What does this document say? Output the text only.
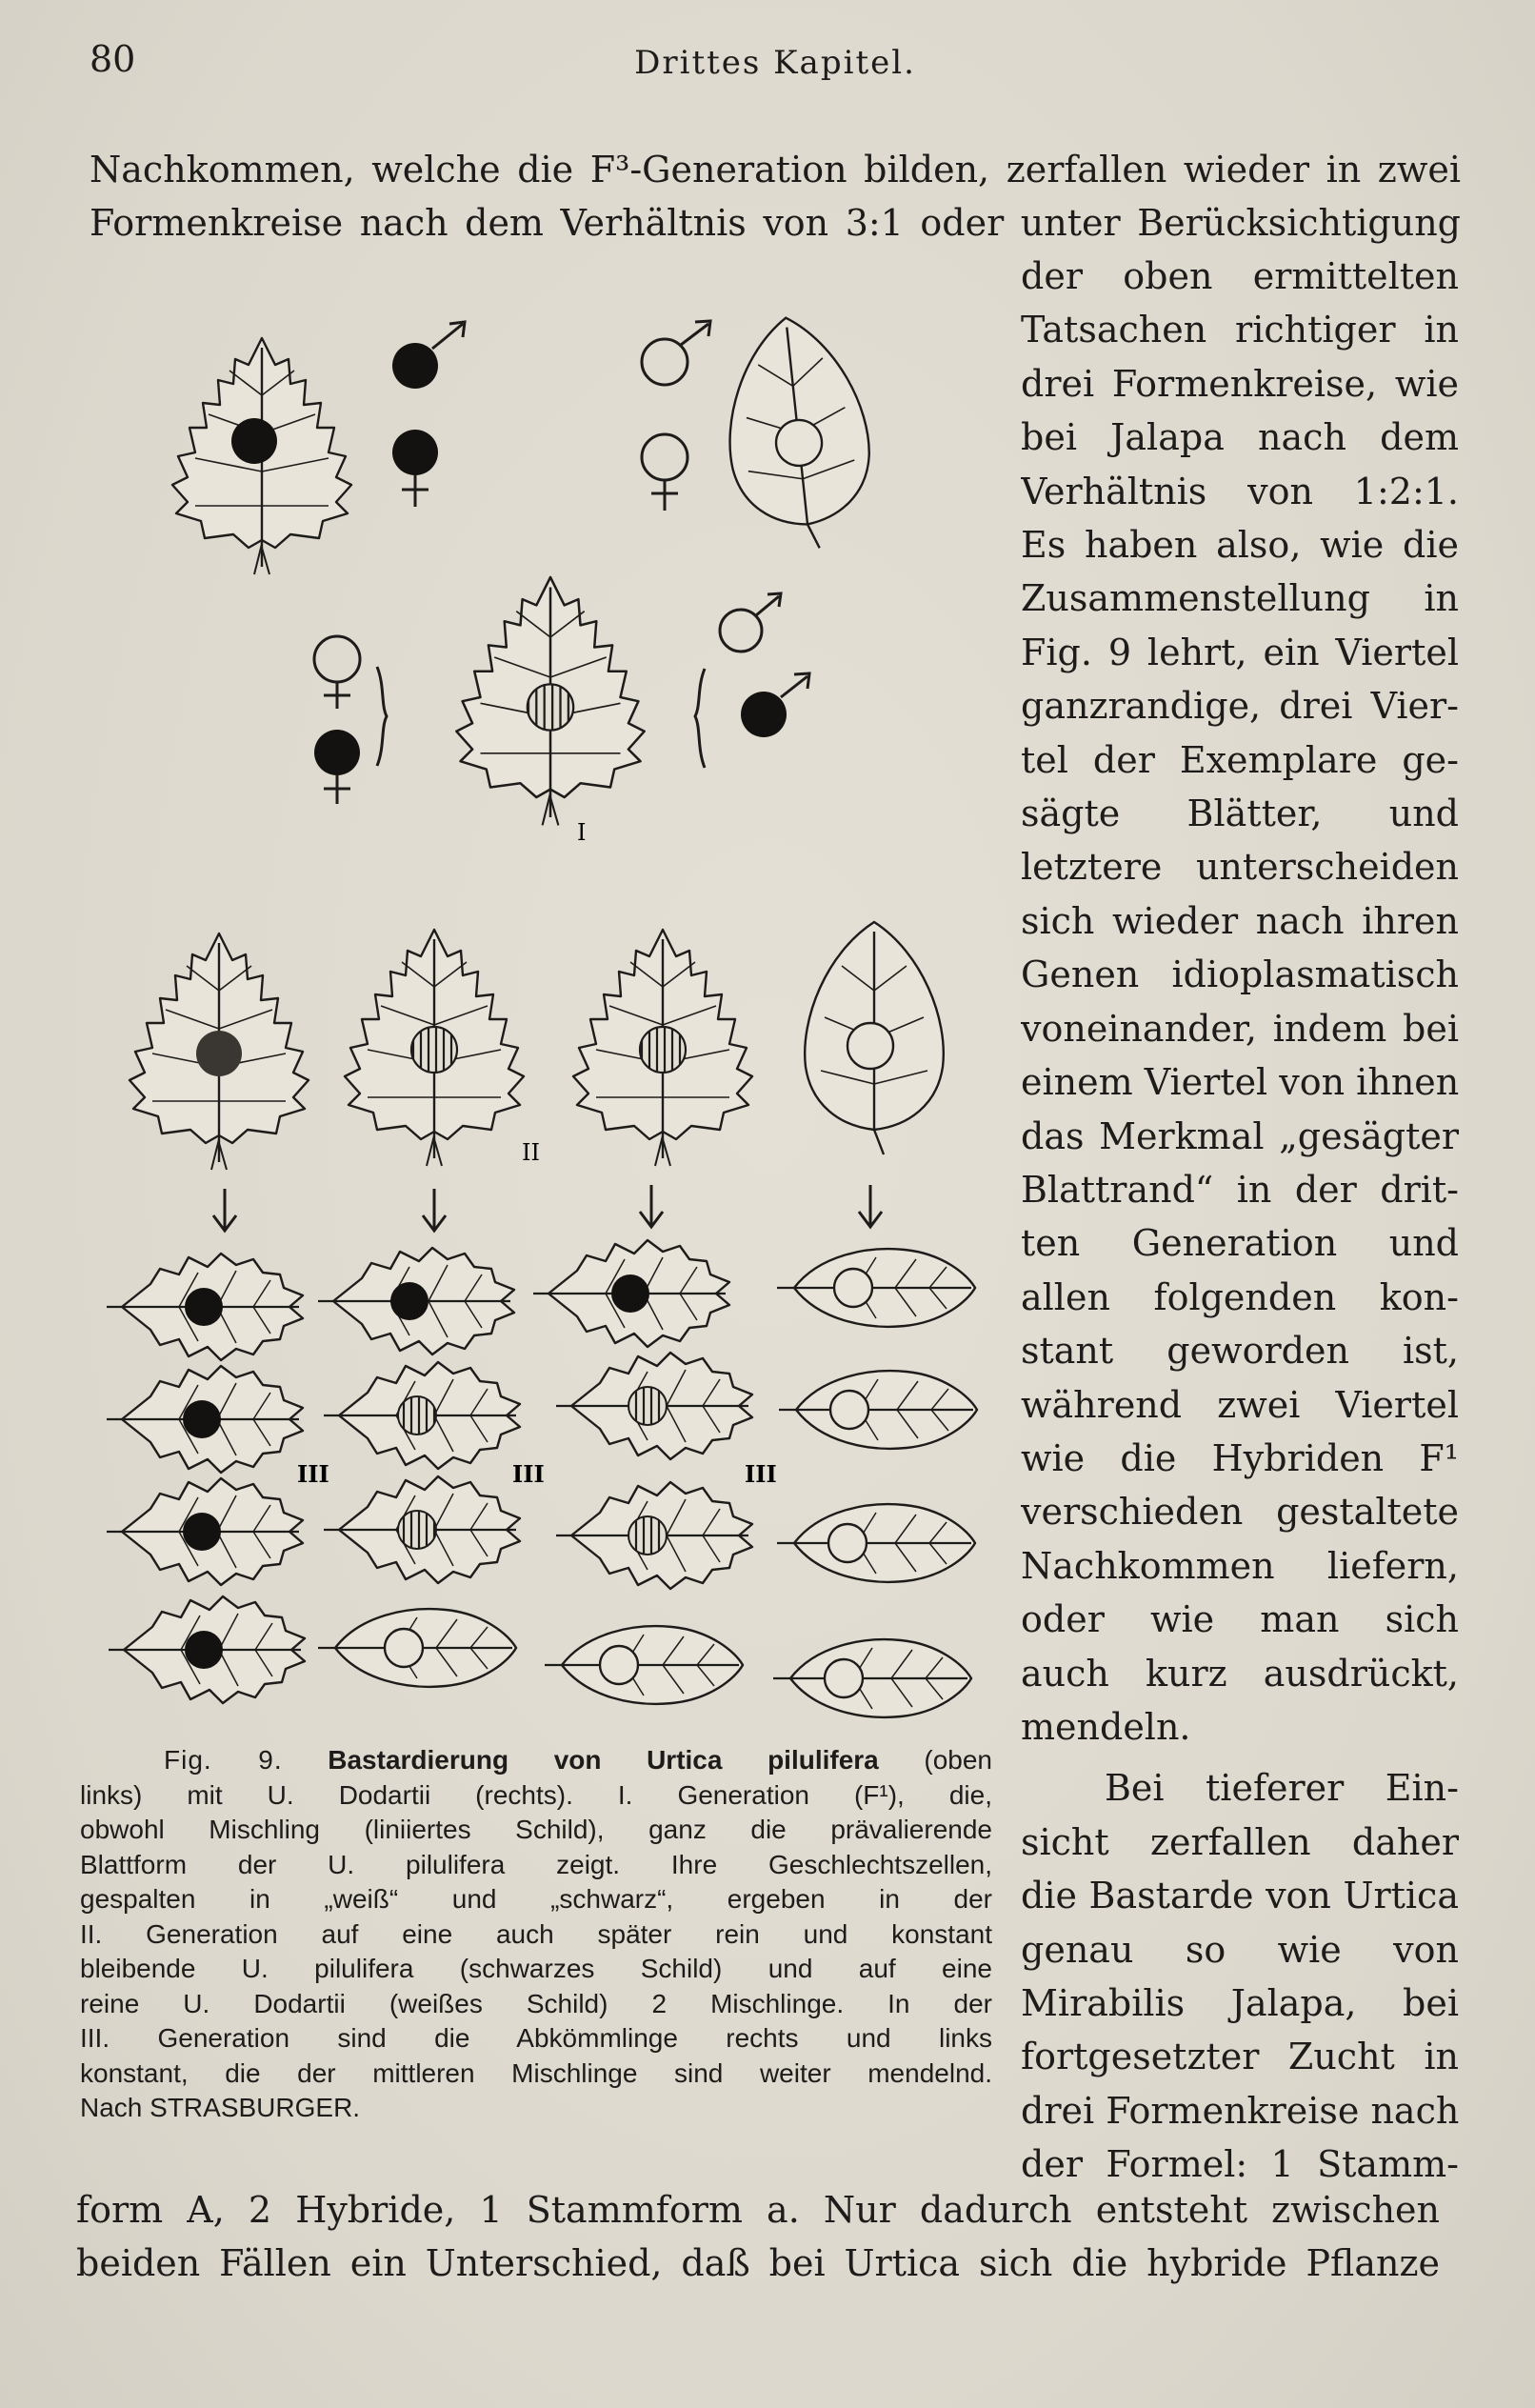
80	Drittes Kapitel.
Nachkommen, welche die F³-Generation bilden, zerfallen wieder in zwei
Formenkreise nach dem Verhältnis von 3:1 oder unter Berücksichtigung
der oben ermittelten
Tatsachen richtiger in
drei Formenkreise, wie
bei Jalapa nach dem
Verhältnis von 1:2:1.
Es haben also, wie die
Zusammenstellung in
Fig. 9 lehrt, ein Viertel
ganzrandige, drei Vier-
tel der Exemplare ge-
sägte Blätter, und
letztere unterscheiden
sich wieder nach ihren
Genen idioplasmatisch
voneinander, indem bei
einem Viertel von ihnen
das Merkmal „gesägter
Blattrand“ in der drit-
ten Generation und
allen folgenden kon-
stant geworden ist,
während zwei Viertel
wie die Hybriden F¹
verschieden gestaltete
Nachkommen liefern,
oder wie man sich
auch kurz ausdrückt,
mendeln.
Bei tieferer Ein-
sicht zerfallen daher
die Bastarde von Urtica
genau so wie von
Mirabilis Jalapa, bei
fortgesetzter Zucht in
drei Formenkreise nach
der Formel: 1 Stamm-
I
II
III	III	III
Fig. 9. Bastardierung von Urtica pilulifera (oben
links) mit U. Dodartii (rechts). I. Generation (F¹), die,
obwohl Mischling (liniiertes Schild), ganz die prävalierende
Blattform der U. pilulifera zeigt. Ihre Geschlechtszellen,
gespalten in „weiß“ und „schwarz“, ergeben in der
II. Generation auf eine auch später rein und konstant
bleibende U. pilulifera (schwarzes Schild) und auf eine
reine U. Dodartii (weißes Schild) 2 Mischlinge. In der
III. Generation sind die Abkömmlinge rechts und links
konstant, die der mittleren Mischlinge sind weiter mendelnd.
Nach STRASBURGER.
form A, 2 Hybride, 1 Stammform a. Nur dadurch entsteht zwischen
beiden Fällen ein Unterschied, daß bei Urtica sich die hybride Pflanze
